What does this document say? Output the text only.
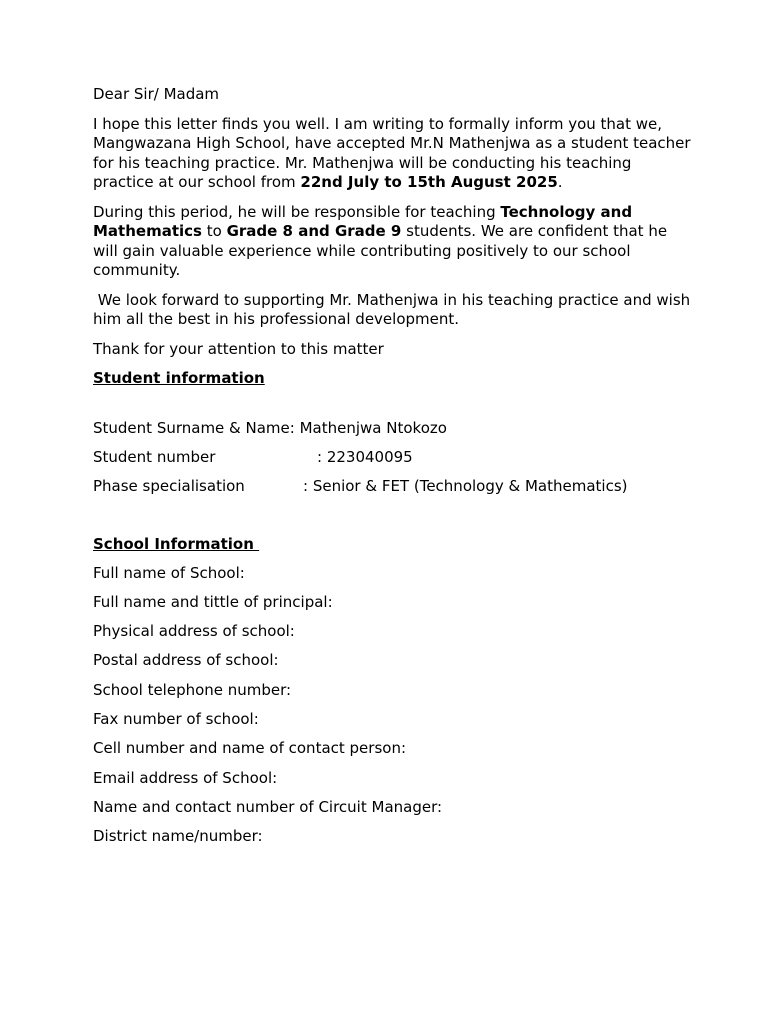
Dear Sir/ Madam

I hope this letter finds you well. I am writing to formally inform you that we, Mangwazana High School, have accepted Mr.N Mathenjwa as a student teacher for his teaching practice. Mr. Mathenjwa will be conducting his teaching practice at our school from 22nd July to 15th August 2025.

During this period, he will be responsible for teaching Technology and Mathematics to Grade 8 and Grade 9 students. We are confident that he will gain valuable experience while contributing positively to our school community.

We look forward to supporting Mr. Mathenjwa in his teaching practice and wish him all the best in his professional development.

Thank for your attention to this matter

Student information

Student Surname & Name: Mathenjwa Ntokozo

Student number	: 223040095

Phase specialisation	: Senior & FET (Technology & Mathematics)

School Information

Full name of School:

Full name and tittle of principal:

Physical address of school:

Postal address of school:

School telephone number:

Fax number of school:

Cell number and name of contact person:

Email address of School:

Name and contact number of Circuit Manager:

District name/number:
